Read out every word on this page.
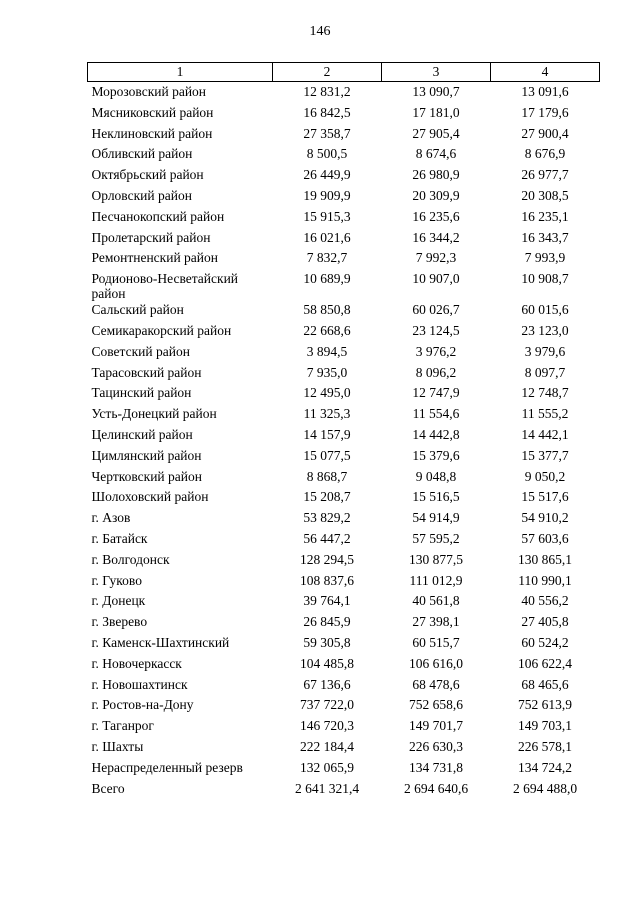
146
1	2	3	4
Морозовский район	12 831,2	13 090,7	13 091,6
Мясниковский район	16 842,5	17 181,0	17 179,6
Неклиновский район	27 358,7	27 905,4	27 900,4
Обливский район	8 500,5	8 674,6	8 676,9
Октябрьский район	26 449,9	26 980,9	26 977,7
Орловский район	19 909,9	20 309,9	20 308,5
Песчанокопский район	15 915,3	16 235,6	16 235,1
Пролетарский район	16 021,6	16 344,2	16 343,7
Ремонтненский район	7 832,7	7 992,3	7 993,9
Родионово-Несветайский район	10 689,9	10 907,0	10 908,7
Сальский район	58 850,8	60 026,7	60 015,6
Семикаракорский район	22 668,6	23 124,5	23 123,0
Советский район	3 894,5	3 976,2	3 979,6
Тарасовский район	7 935,0	8 096,2	8 097,7
Тацинский район	12 495,0	12 747,9	12 748,7
Усть-Донецкий район	11 325,3	11 554,6	11 555,2
Целинский район	14 157,9	14 442,8	14 442,1
Цимлянский район	15 077,5	15 379,6	15 377,7
Чертковский район	8 868,7	9 048,8	9 050,2
Шолоховский район	15 208,7	15 516,5	15 517,6
г. Азов	53 829,2	54 914,9	54 910,2
г. Батайск	56 447,2	57 595,2	57 603,6
г. Волгодонск	128 294,5	130 877,5	130 865,1
г. Гуково	108 837,6	111 012,9	110 990,1
г. Донецк	39 764,1	40 561,8	40 556,2
г. Зверево	26 845,9	27 398,1	27 405,8
г. Каменск-Шахтинский	59 305,8	60 515,7	60 524,2
г. Новочеркасск	104 485,8	106 616,0	106 622,4
г. Новошахтинск	67 136,6	68 478,6	68 465,6
г. Ростов-на-Дону	737 722,0	752 658,6	752 613,9
г. Таганрог	146 720,3	149 701,7	149 703,1
г. Шахты	222 184,4	226 630,3	226 578,1
Нераспределенный резерв	132 065,9	134 731,8	134 724,2
Всего	2 641 321,4	2 694 640,6	2 694 488,0
